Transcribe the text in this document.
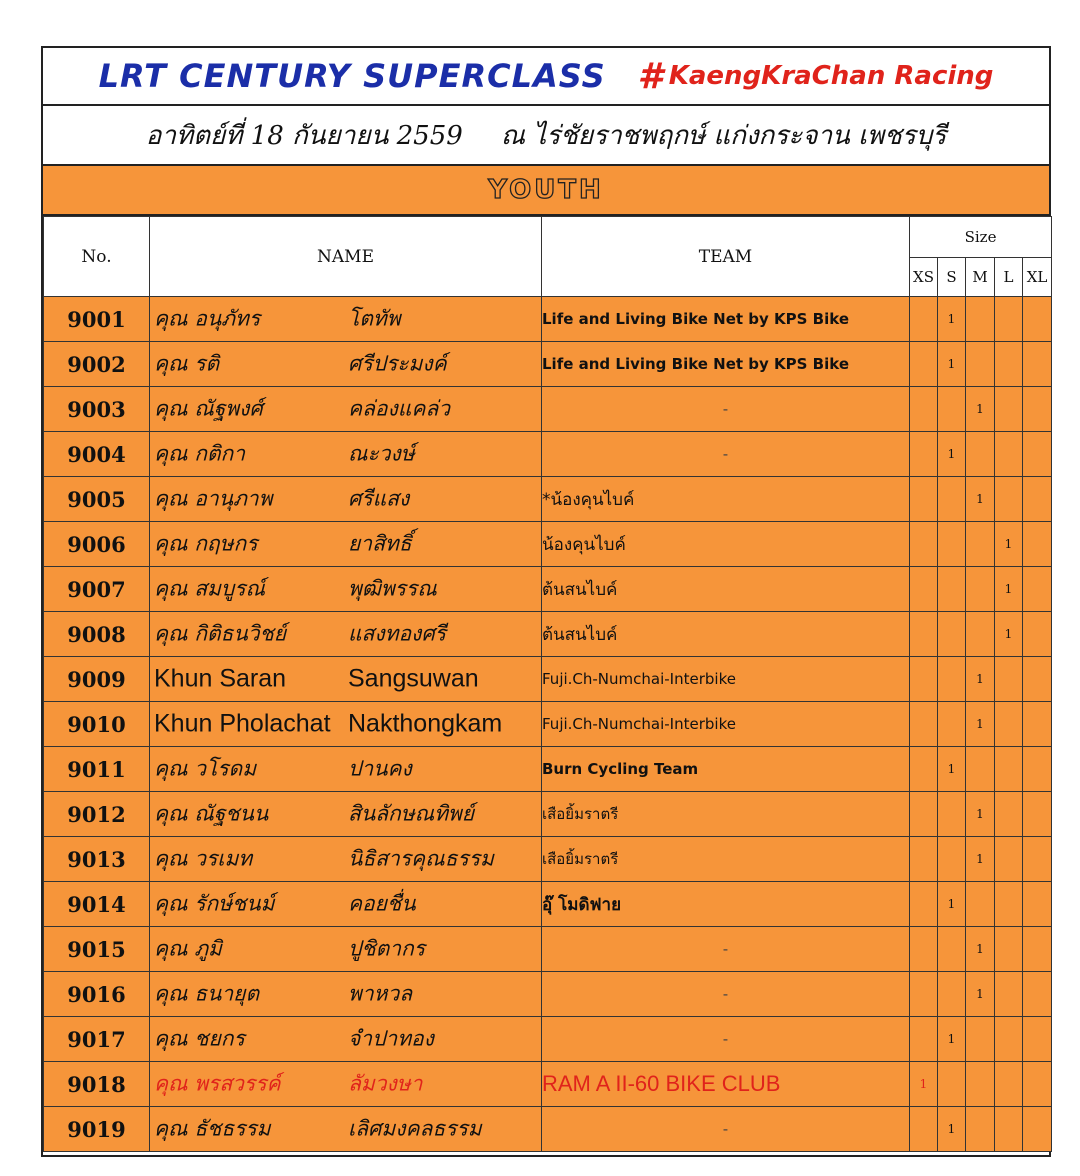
LRT CENTURY SUPERCLASS # KaengKraChan Racing
อาทิตย์ที่ 18 กันยายน 2559 ณ ไร่ชัยราชพฤกษ์ แก่งกระจาน เพชรบุรี
YOUTH
No.	NAME	TEAM	Size				
			XS	S	M	L	XL
9001	คุณ อนุภัทร โตทัพ	Life and Living Bike Net by KPS Bike		1			
9002	คุณ รติ ศรีประมงค์	Life and Living Bike Net by KPS Bike		1			
9003	คุณ ณัฐพงศ์ คล่องแคล่ว	-			1		
9004	คุณ กติกา ณะวงษ์	-		1			
9005	คุณ อานุภาพ ศรีแสง	*น้องคุนไบค์			1		
9006	คุณ กฤษกร ยาสิทธิ์	น้องคุนไบค์				1	
9007	คุณ สมบูรณ์ พุฒิพรรณ	ต้นสนไบค์				1	
9008	คุณ กิติธนวิชย์ แสงทองศรี	ต้นสนไบค์				1	
9009	Khun Saran Sangsuwan	Fuji.Ch-Numchai-Interbike			1		
9010	Khun Pholachat Nakthongkam	Fuji.Ch-Numchai-Interbike			1		
9011	คุณ วโรดม ปานคง	Burn Cycling Team		1			
9012	คุณ ณัฐชนน สินลักษณทิพย์	เสือยิ้มราตรี			1		
9013	คุณ วรเมท นิธิสารคุณธรรม	เสือยิ้มราตรี			1		
9014	คุณ รักษ์ชนม์ คอยชื่น	อุ๊ โมดิฟาย		1			
9015	คุณ ภูมิ ปูชิตากร	-			1		
9016	คุณ ธนายุต พาหวล	-			1		
9017	คุณ ชยกร จำปาทอง	-		1			
9018	คุณ พรสวรรค์ ลัมวงษา	RAM A II-60 BIKE CLUB	1				
9019	คุณ ธัชธรรม เลิศมงคลธรรม	-		1			
